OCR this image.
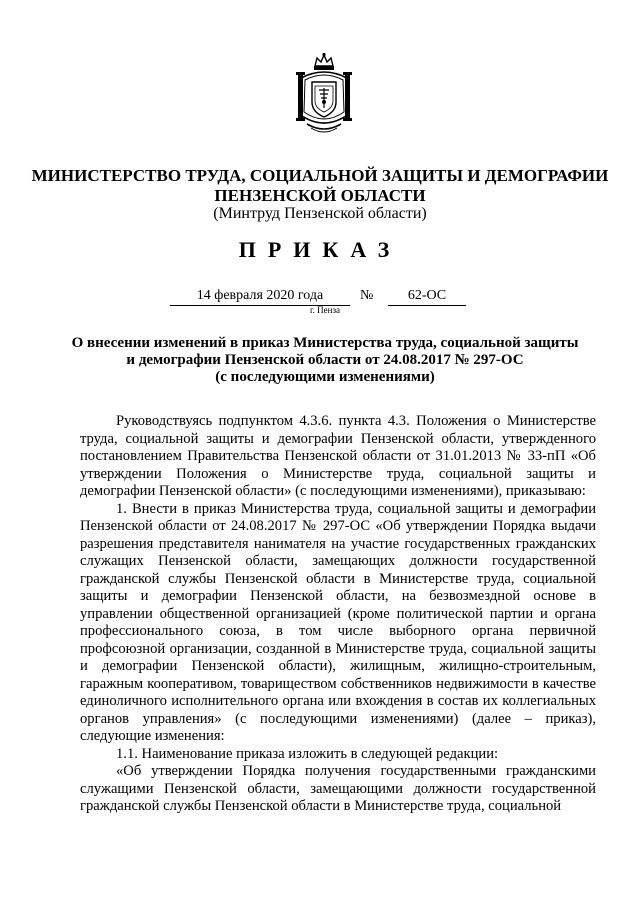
МИНИСТЕРСТВО ТРУДА, СОЦИАЛЬНОЙ ЗАЩИТЫ И ДЕМОГРАФИИ
ПЕНЗЕНСКОЙ ОБЛАСТИ
(Минтруд Пензенской области)
ПРИКАЗ
14 февраля 2020 года	№	62-ОС
г. Пенза
О внесении изменений в приказ Министерства труда, социальной защиты
и демографии Пензенской области от 24.08.2017 № 297-ОС
(с последующими изменениями)

Руководствуясь подпунктом 4.3.6. пункта 4.3. Положения о Министерстве труда, социальной защиты и демографии Пензенской области, утвержденного постановлением Правительства Пензенской области от 31.01.2013 № 33-пП «Об утверждении Положения о Министерстве труда, социальной защиты и демографии Пензенской области» (с последующими изменениями), приказываю:

1. Внести в приказ Министерства труда, социальной защиты и демографии Пензенской области от 24.08.2017 № 297-ОС «Об утверждении Порядка выдачи разрешения представителя нанимателя на участие государственных гражданских служащих Пензенской области, замещающих должности государственной гражданской службы Пензенской области в Министерстве труда, социальной защиты и демографии Пензенской области, на безвозмездной основе в управлении общественной организацией (кроме политической партии и органа профессионального союза, в том числе выборного органа первичной профсоюзной организации, созданной в Министерстве труда, социальной защиты и демографии Пензенской области), жилищным, жилищно-строительным, гаражным кооперативом, товариществом собственников недвижимости в качестве единоличного исполнительного органа или вхождения в состав их коллегиальных органов управления» (с последующими изменениями) (далее – приказ), следующие изменения:

1.1. Наименование приказа изложить в следующей редакции:

«Об утверждении Порядка получения государственными гражданскими служащими Пензенской области, замещающими должности государственной гражданской службы Пензенской области в Министерстве труда, социальной
